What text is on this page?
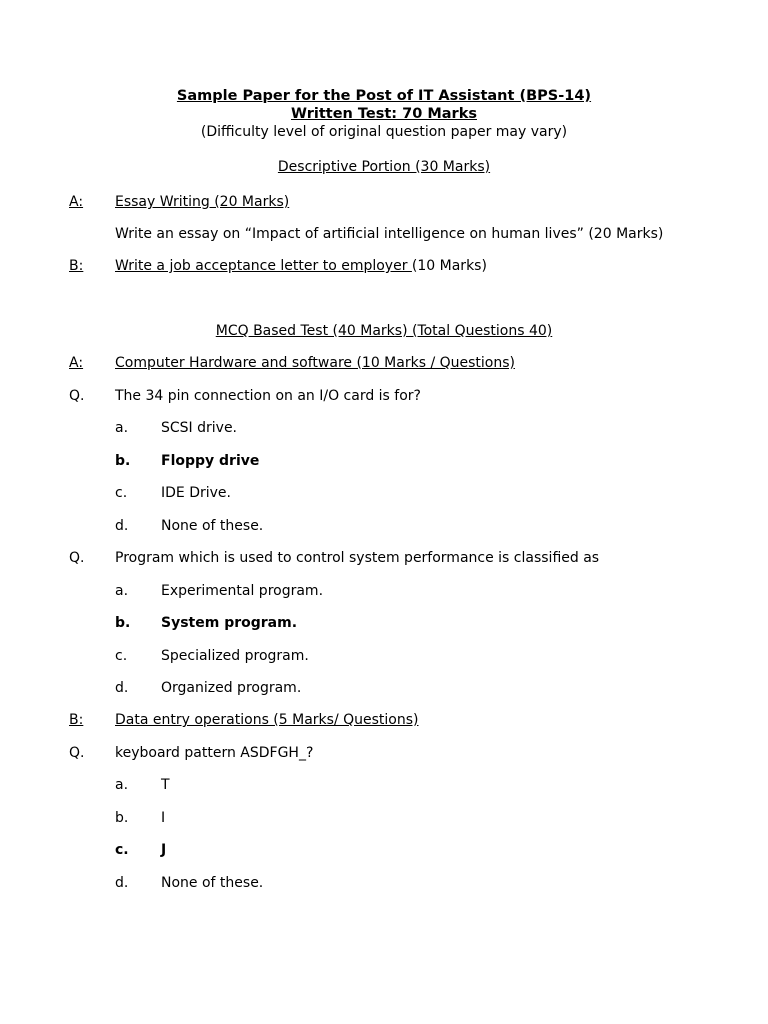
Sample Paper for the Post of IT Assistant (BPS-14)
Written Test: 70 Marks
(Difficulty level of original question paper may vary)
Descriptive Portion (30 Marks)
A: Essay Writing (20 Marks)
Write an essay on “Impact of artificial intelligence on human lives” (20 Marks)
B: Write a job acceptance letter to employer (10 Marks)
MCQ Based Test (40 Marks) (Total Questions 40)
A: Computer Hardware and software (10 Marks / Questions)
Q. The 34 pin connection on an I/O card is for?
a. SCSI drive.
b. Floppy drive
c. IDE Drive.
d. None of these.
Q. Program which is used to control system performance is classified as
a. Experimental program.
b. System program.
c. Specialized program.
d. Organized program.
B: Data entry operations (5 Marks/ Questions)
Q. keyboard pattern ASDFGH_?
a. T
b. I
c. J
d. None of these.
